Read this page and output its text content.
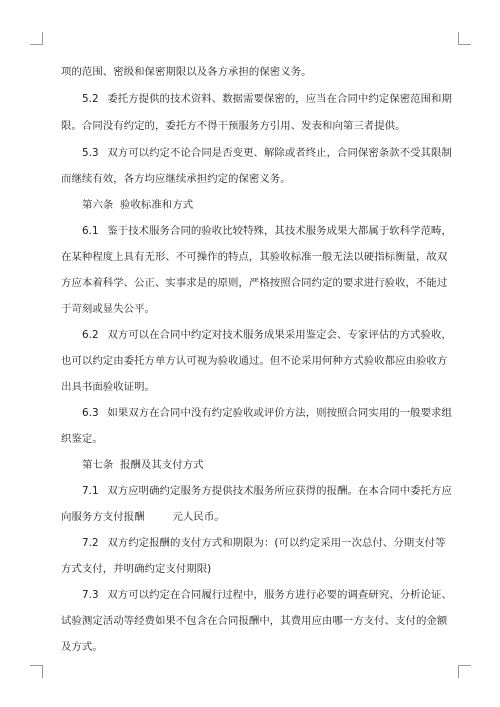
项的范围、密级和保密期限以及各方承担的保密义务。
5.2 委托方提供的技术资料、数据需要保密的，应当在合同中约定保密范围和期
限。合同没有约定的，委托方不得干预服务方引用、发表和向第三者提供。
5.3 双方可以约定不论合同是否变更、解除或者终止，合同保密条款不受其限制
而继续有效，各方均应继续承担约定的保密义务。
第六条 验收标准和方式
6.1 鉴于技术服务合同的验收比较特殊，其技术服务成果大都属于软科学范畴，
在某种程度上具有无形、不可操作的特点，其验收标准一般无法以硬指标衡量，故双
方应本着科学、公正、实事求是的原则，严格按照合同约定的要求进行验收，不能过
于苛刻或显失公平。
6.2 双方可以在合同中约定对技术服务成果采用鉴定会、专家评估的方式验收，
也可以约定由委托方单方认可视为验收通过。但不论采用何种方式验收都应由验收方
出具书面验收证明。
6.3 如果双方在合同中没有约定验收或评价方法，则按照合同实用的一般要求组
织鉴定。
第七条 报酬及其支付方式
7.1 双方应明确约定服务方提供技术服务所应获得的报酬。在本合同中委托方应
向服务方支付报酬	元人民币。
7.2 双方约定报酬的支付方式和期限为：(可以约定采用一次总付、分期支付等
方式支付，并明确约定支付期限)
7.3 双方可以约定在合同履行过程中，服务方进行必要的调查研究、分析论证、
试验测定活动等经费如果不包含在合同报酬中，其费用应由哪一方支付、支付的金额
及方式。
